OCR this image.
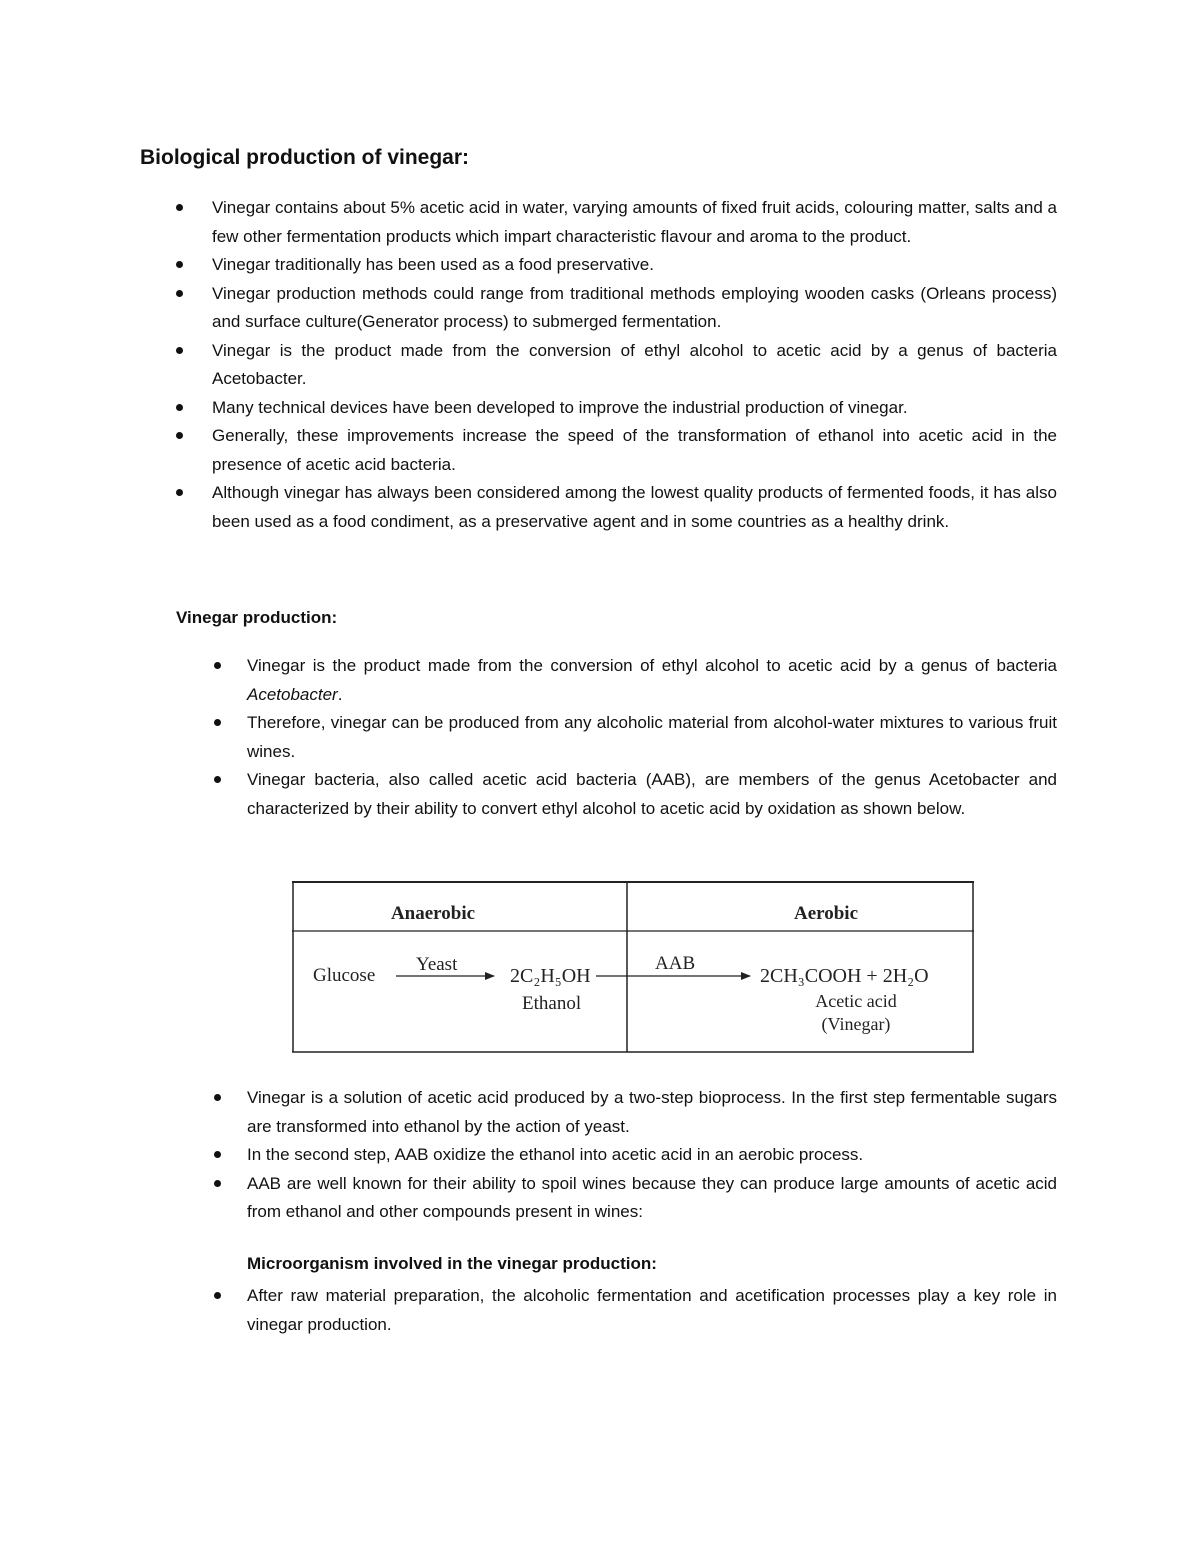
Biological production of vinegar:
Vinegar contains about 5% acetic acid in water, varying amounts of fixed fruit acids, colouring matter, salts and a few other fermentation products which impart characteristic flavour and aroma to the product.
Vinegar traditionally has been used as a food preservative.
Vinegar production methods could range from traditional methods employing wooden casks (Orleans process) and surface culture(Generator process) to submerged fermentation.
Vinegar is the product made from the conversion of ethyl alcohol to acetic acid by a genus of bacteria Acetobacter.
Many technical devices have been developed to improve the industrial production of vinegar.
Generally, these improvements increase the speed of the transformation of ethanol into acetic acid in the presence of acetic acid bacteria.
Although vinegar has always been considered among the lowest quality products of fermented foods, it has also been used as a food condiment, as a preservative agent and in some countries as a healthy drink.
Vinegar production:
Vinegar is the product made from the conversion of ethyl alcohol to acetic acid by a genus of bacteria Acetobacter.
Therefore, vinegar can be produced from any alcoholic material from alcohol-water mixtures to various fruit wines.
Vinegar bacteria, also called acetic acid bacteria (AAB), are members of the genus Acetobacter and characterized by their ability to convert ethyl alcohol to acetic acid by oxidation as shown below.
Anaerobic	Aerobic
Glucose
Yeast
2C₂H₅OH
Ethanol
AAB
2CH₃COOH + 2H₂O
Acetic acid
(Vinegar)
Vinegar is a solution of acetic acid produced by a two-step bioprocess. In the first step fermentable sugars are transformed into ethanol by the action of yeast.
In the second step, AAB oxidize the ethanol into acetic acid in an aerobic process.
AAB are well known for their ability to spoil wines because they can produce large amounts of acetic acid from ethanol and other compounds present in wines:
Microorganism involved in the vinegar production:
After raw material preparation, the alcoholic fermentation and acetification processes play a key role in vinegar production.
